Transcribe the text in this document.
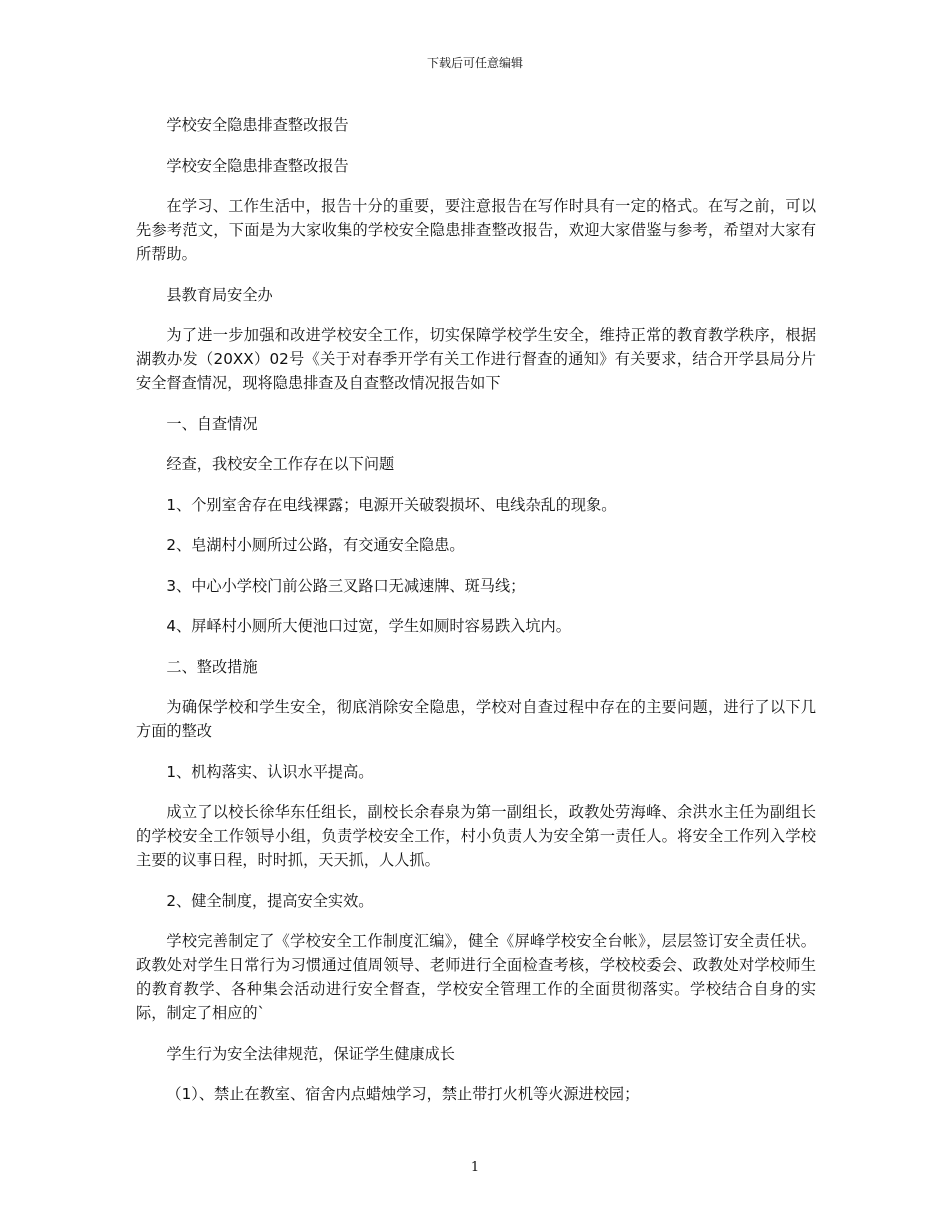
下载后可任意编辑

学校安全隐患排查整改报告

学校安全隐患排查整改报告

在学习、工作生活中，报告十分的重要，要注意报告在写作时具有一定的格式。在写之前，可以先参考范文，下面是为大家收集的学校安全隐患排查整改报告，欢迎大家借鉴与参考，希望对大家有所帮助。

县教育局安全办

为了进一步加强和改进学校安全工作，切实保障学校学生安全，维持正常的教育教学秩序，根据湖教办发（20XX）02号《关于对春季开学有关工作进行督查的通知》有关要求，结合开学县局分片安全督查情况，现将隐患排查及自查整改情况报告如下

一、自查情况

经查，我校安全工作存在以下问题

1、个别室舍存在电线裸露；电源开关破裂损坏、电线杂乱的现象。

2、皂湖村小厕所过公路，有交通安全隐患。

3、中心小学校门前公路三叉路口无减速牌、斑马线；

4、屏峄村小厕所大便池口过宽，学生如厕时容易跌入坑内。

二、整改措施

为确保学校和学生安全，彻底消除安全隐患，学校对自查过程中存在的主要问题，进行了以下几方面的整改

1、机构落实、认识水平提高。

成立了以校长徐华东任组长，副校长余春泉为第一副组长，政教处劳海峰、余洪水主任为副组长的学校安全工作领导小组，负责学校安全工作，村小负责人为安全第一责任人。将安全工作列入学校主要的议事日程，时时抓，天天抓，人人抓。

2、健全制度，提高安全实效。

学校完善制定了《学校安全工作制度汇编》，健全《屏峰学校安全台帐》，层层签订安全责任状。政教处对学生日常行为习惯通过值周领导、老师进行全面检查考核，学校校委会、政教处对学校师生的教育教学、各种集会活动进行安全督查，学校安全管理工作的全面贯彻落实。学校结合自身的实际，制定了相应的`

学生行为安全法律规范，保证学生健康成长

（1）、禁止在教室、宿舍内点蜡烛学习，禁止带打火机等火源进校园；

1
